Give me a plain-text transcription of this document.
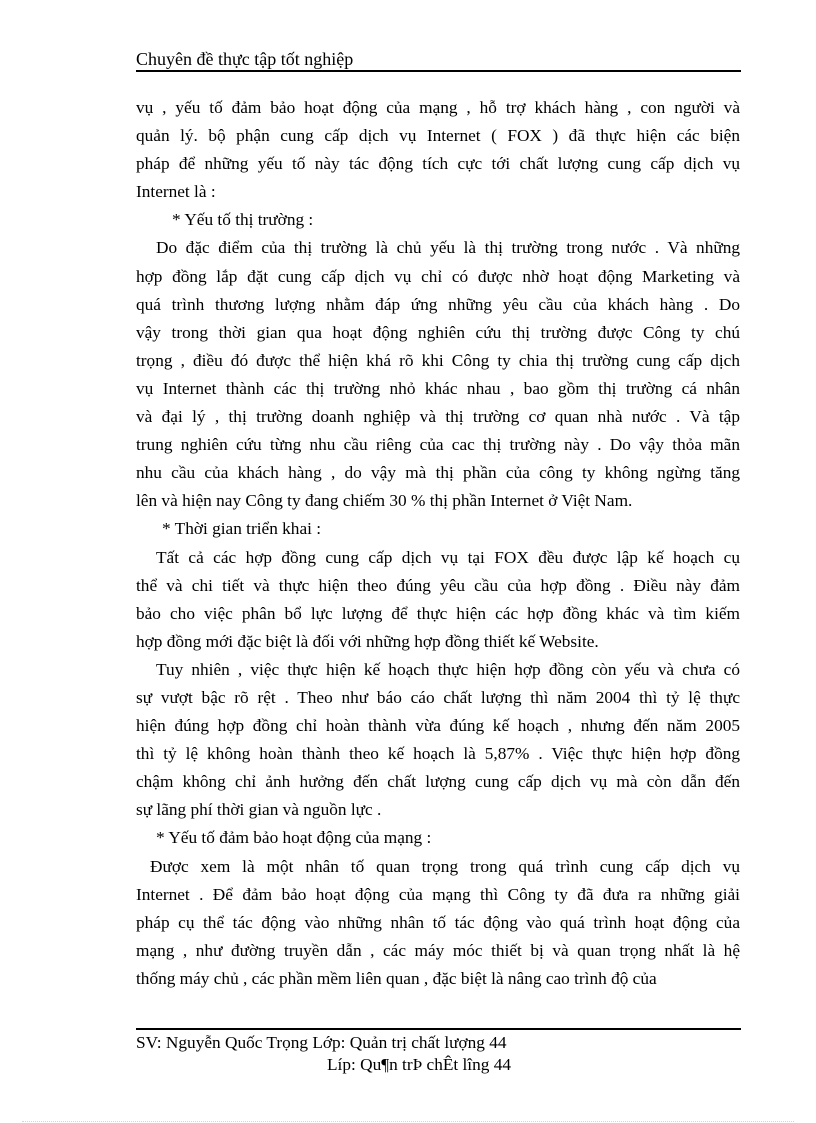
Chuyên đề thực tập tốt nghiệp
vụ , yếu tố đảm bảo hoạt động của mạng , hỗ trợ khách hàng , con người và
quản lý. bộ phận cung cấp dịch vụ Internet ( FOX ) đã thực hiện các biện
pháp để những yếu tố này tác động tích cực tới chất lượng cung cấp dịch vụ
Internet là :
* Yếu tố thị trường :
Do đặc điểm của thị trường là chủ yếu là thị trường trong nước . Và những
hợp đồng lắp đặt cung cấp dịch vụ chỉ có được nhờ hoạt động Marketing và
quá trình thương lượng nhằm đáp ứng những yêu cầu của khách hàng . Do
vậy trong thời gian qua hoạt động nghiên cứu thị trường được Công ty chú
trọng , điều đó được thể hiện khá rõ khi Công ty chia thị trường cung cấp dịch
vụ Internet thành các thị trường nhỏ khác nhau , bao gồm thị trường cá nhân
và đại lý , thị trường doanh nghiệp và thị trường cơ quan nhà nước . Và tập
trung nghiên cứu từng nhu cầu riêng của cac thị trường này . Do vậy thỏa mãn
nhu cầu của khách hàng , do vậy mà thị phần của công ty không ngừng tăng
lên và hiện nay Công ty đang chiếm 30 % thị phần Internet ở Việt Nam.
* Thời gian triển khai :
Tất cả các hợp đồng cung cấp dịch vụ tại FOX đều được lập kế hoạch cụ
thể và chi tiết và thực hiện theo đúng yêu cầu của hợp đồng . Điều này đảm
bảo cho việc phân bổ lực lượng để thực hiện các hợp đồng khác và tìm kiếm
hợp đồng mới đặc biệt là đối với những hợp đồng thiết kế Website.
Tuy nhiên , việc thực hiện kế hoạch thực hiện hợp đồng còn yếu và chưa có
sự vượt bậc rõ rệt . Theo như báo cáo chất lượng thì năm 2004 thì tỷ lệ thực
hiện đúng hợp đồng chỉ hoàn thành vừa đúng kế hoạch , nhưng đến năm 2005
thì tỷ lệ không hoàn thành theo kế hoạch là 5,87% . Việc thực hiện hợp đồng
chậm không chỉ ảnh hưởng đến chất lượng cung cấp dịch vụ mà còn dẫn đến
sự lãng phí thời gian và nguồn lực .
* Yếu tố đảm bảo hoạt động của mạng :
Được xem là một nhân tố quan trọng trong quá trình cung cấp dịch vụ
Internet . Để đảm bảo hoạt động của mạng thì Công ty đã đưa ra những giải
pháp cụ thể tác động vào những nhân tố tác động vào quá trình hoạt động của
mạng , như đường truyền dẫn , các máy móc thiết bị và quan trọng nhất là hệ
thống máy chủ , các phần mềm liên quan , đặc biệt là nâng cao trình độ của
SV: Nguyễn Quốc Trọng Lớp: Quản trị chất lượng 44
Líp: Qu¶n trÞ chÊt lîng 44
